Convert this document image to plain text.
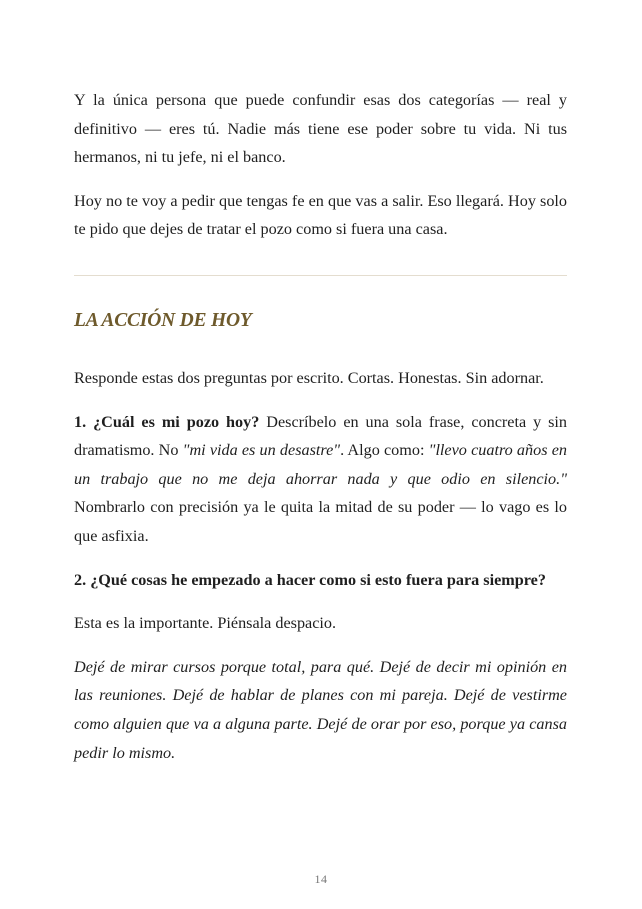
Y la única persona que puede confundir esas dos categorías — real y definitivo — eres tú. Nadie más tiene ese poder sobre tu vida. Ni tus hermanos, ni tu jefe, ni el banco.

Hoy no te voy a pedir que tengas fe en que vas a salir. Eso llegará. Hoy solo te pido que dejes de tratar el pozo como si fuera una casa.

LA ACCIÓN DE HOY

Responde estas dos preguntas por escrito. Cortas. Honestas. Sin adornar.

1. ¿Cuál es mi pozo hoy? Descríbelo en una sola frase, concreta y sin dramatismo. No "mi vida es un desastre". Algo como: "llevo cuatro años en un trabajo que no me deja ahorrar nada y que odio en silencio." Nombrarlo con precisión ya le quita la mitad de su poder — lo vago es lo que asfixia.

2. ¿Qué cosas he empezado a hacer como si esto fuera para siempre?

Esta es la importante. Piénsala despacio.

Dejé de mirar cursos porque total, para qué. Dejé de decir mi opinión en las reuniones. Dejé de hablar de planes con mi pareja. Dejé de vestirme como alguien que va a alguna parte. Dejé de orar por eso, porque ya cansa pedir lo mismo.

14
